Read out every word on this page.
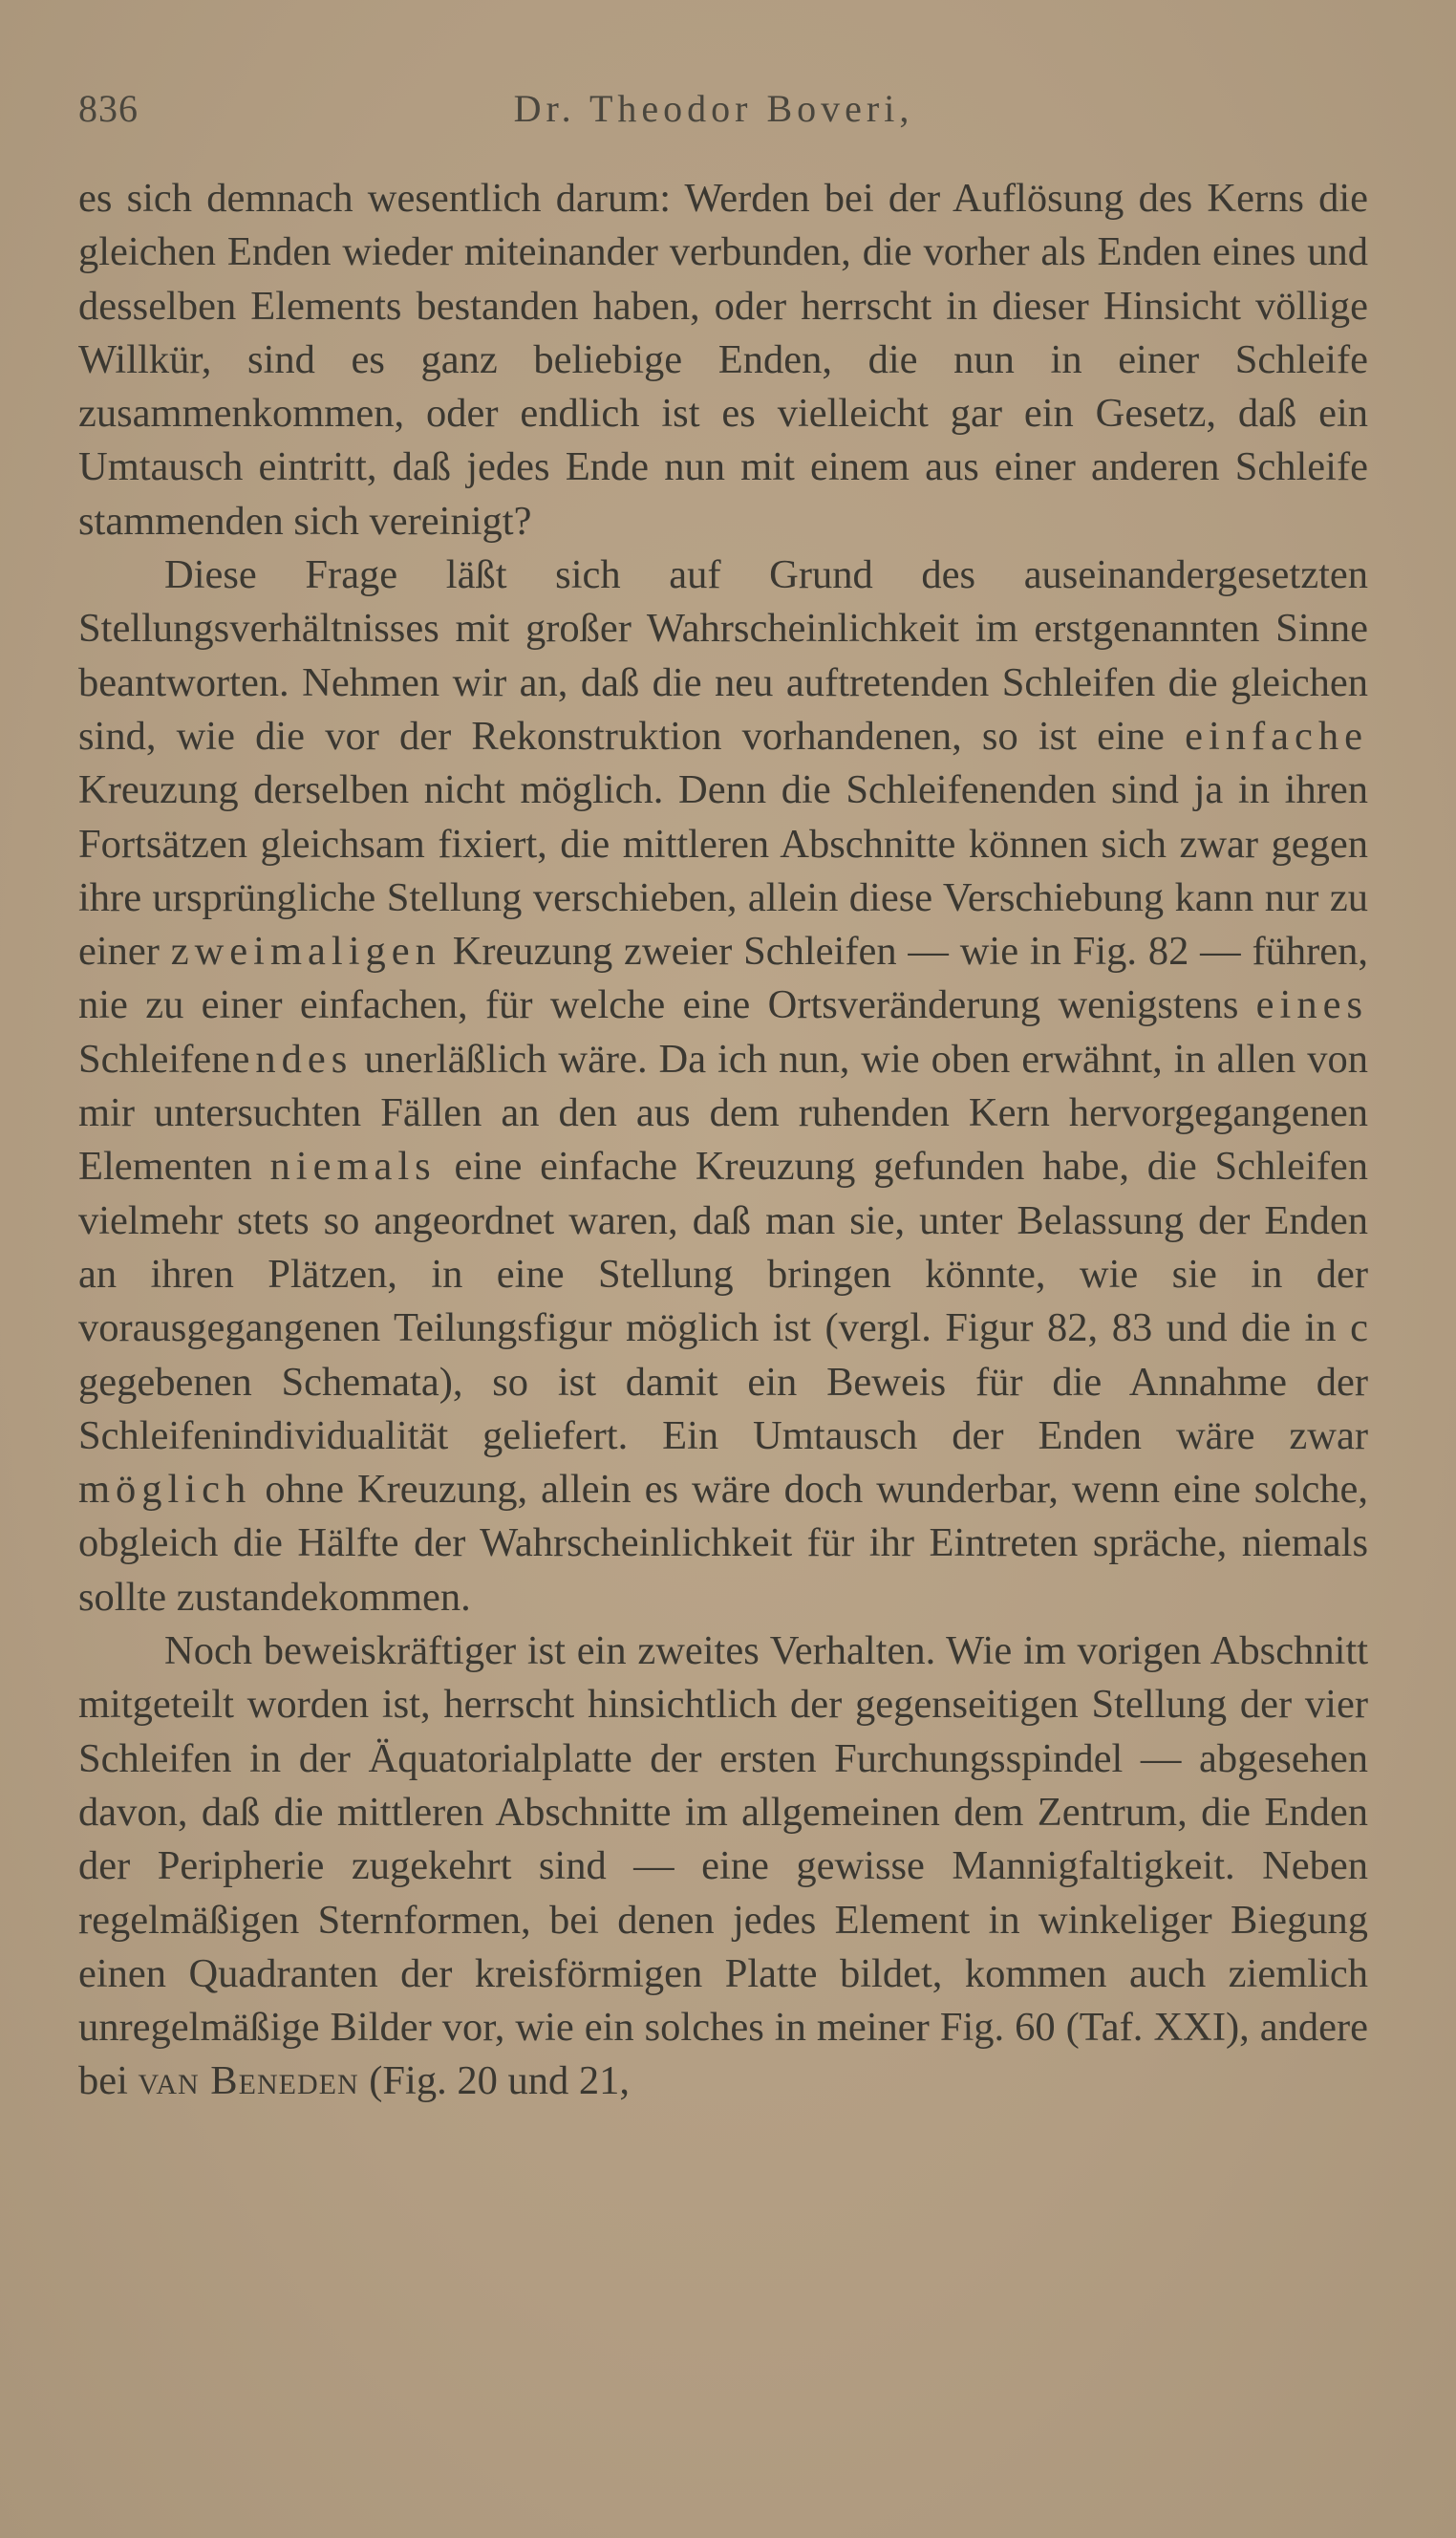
836	Dr. Theodor Boveri,

es sich demnach wesentlich darum: Werden bei der Auflösung des Kerns die gleichen Enden wieder miteinander verbunden, die vorher als Enden eines und desselben Elements bestanden haben, oder herrscht in dieser Hinsicht völlige Willkür, sind es ganz beliebige Enden, die nun in einer Schleife zusammenkommen, oder endlich ist es vielleicht gar ein Gesetz, daß ein Umtausch eintritt, daß jedes Ende nun mit einem aus einer anderen Schleife stammenden sich vereinigt?

Diese Frage läßt sich auf Grund des auseinandergesetzten Stellungsverhältnisses mit großer Wahrscheinlichkeit im erstgenannten Sinne beantworten. Nehmen wir an, daß die neu auftretenden Schleifen die gleichen sind, wie die vor der Rekonstruktion vorhandenen, so ist eine einfache Kreuzung derselben nicht möglich. Denn die Schleifenenden sind ja in ihren Fortsätzen gleichsam fixiert, die mittleren Abschnitte können sich zwar gegen ihre ursprüngliche Stellung verschieben, allein diese Verschiebung kann nur zu einer zweimaligen Kreuzung zweier Schleifen — wie in Fig. 82 — führen, nie zu einer einfachen, für welche eine Ortsveränderung wenigstens eines Schleifenendes unerläßlich wäre. Da ich nun, wie oben erwähnt, in allen von mir untersuchten Fällen an den aus dem ruhenden Kern hervorgegangenen Elementen niemals eine einfache Kreuzung gefunden habe, die Schleifen vielmehr stets so angeordnet waren, daß man sie, unter Belassung der Enden an ihren Plätzen, in eine Stellung bringen könnte, wie sie in der vorausgegangenen Teilungsfigur möglich ist (vergl. Figur 82, 83 und die in c gegebenen Schemata), so ist damit ein Beweis für die Annahme der Schleifenindividualität geliefert. Ein Umtausch der Enden wäre zwar möglich ohne Kreuzung, allein es wäre doch wunderbar, wenn eine solche, obgleich die Hälfte der Wahrscheinlichkeit für ihr Eintreten spräche, niemals sollte zustandekommen.

Noch beweiskräftiger ist ein zweites Verhalten. Wie im vorigen Abschnitt mitgeteilt worden ist, herrscht hinsichtlich der gegenseitigen Stellung der vier Schleifen in der Äquatorialplatte der ersten Furchungsspindel — abgesehen davon, daß die mittleren Abschnitte im allgemeinen dem Zentrum, die Enden der Peripherie zugekehrt sind — eine gewisse Mannigfaltigkeit. Neben regelmäßigen Sternformen, bei denen jedes Element in winkeliger Biegung einen Quadranten der kreisförmigen Platte bildet, kommen auch ziemlich unregelmäßige Bilder vor, wie ein solches in meiner Fig. 60 (Taf. XXI), andere bei van Beneden (Fig. 20 und 21,
